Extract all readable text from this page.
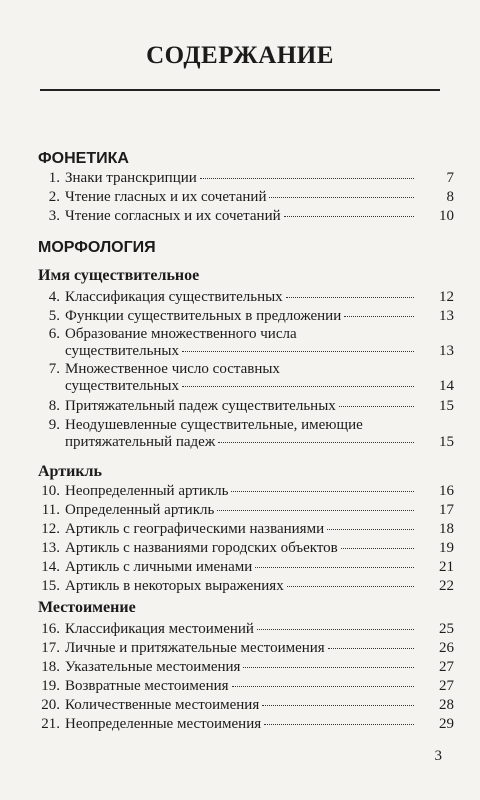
СОДЕРЖАНИЕ
ФОНЕТИКА
МОРФОЛОГИЯ
Имя существительное
Артикль
Местоимение
1. Знаки транскрипции	7
2. Чтение гласных и их сочетаний	8
3. Чтение согласных и их сочетаний	10
4. Классификация существительных	12
5. Функции существительных в предложении	13
6. Образование множественного числа
существительных	13
7. Множественное число составных
существительных	14
8. Притяжательный падеж существительных	15
9. Неодушевленные существительные, имеющие
притяжательный падеж	15
10. Неопределенный артикль	16
11. Определенный артикль	17
12. Артикль с географическими названиями	18
13. Артикль с названиями городских объектов	19
14. Артикль с личными именами	21
15. Артикль в некоторых выражениях	22
16. Классификация местоимений	25
17. Личные и притяжательные местоимения	26
18. Указательные местоимения	27
19. Возвратные местоимения	27
20. Количественные местоимения	28
21. Неопределенные местоимения	29
3
